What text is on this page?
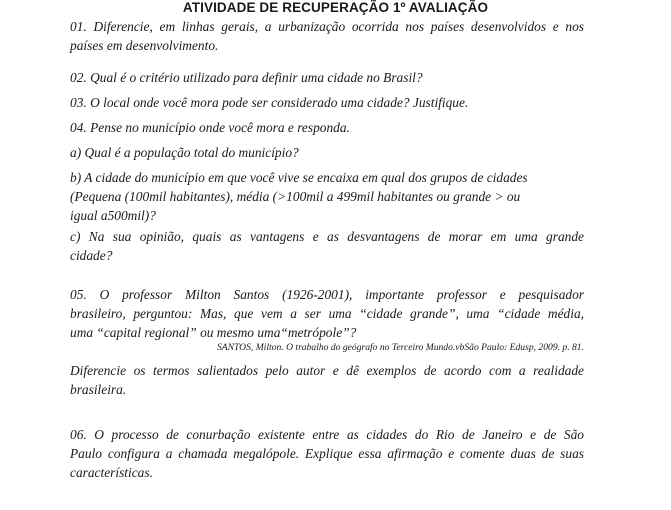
ATIVIDADE DE RECUPERAÇÃO 1º AVALIAÇÃO
01. Diferencie, em linhas gerais, a urbanização ocorrida nos países desenvolvidos e nos
países em desenvolvimento.
02. Qual é o critério utilizado para definir uma cidade no Brasil?
03. O local onde você mora pode ser considerado uma cidade? Justifique.
04. Pense no município onde você mora e responda.
a) Qual é a população total do município?
b) A cidade do município em que você vive se encaixa em qual dos grupos de cidades
(Pequena (100mil habitantes), média (>100mil a 499mil habitantes ou grande > ou
igual a500mil)?
c) Na sua opinião, quais as vantagens e as desvantagens de morar em uma grande
cidade?
05. O professor Milton Santos (1926-2001), importante professor e pesquisador
brasileiro, perguntou: Mas, que vem a ser uma “cidade grande”, uma “cidade média,
uma “capital regional” ou mesmo uma“metrópole”?
SANTOS, Milton. O trabalho do geógrafo no Terceiro Mundo.vbSão Paulo: Edusp, 2009. p. 81.
Diferencie os termos salientados pelo autor e dê exemplos de acordo com a realidade
brasileira.
06. O processo de conurbação existente entre as cidades do Rio de Janeiro e de São
Paulo configura a chamada megalópole. Explique essa afirmação e comente duas de suas
características.
